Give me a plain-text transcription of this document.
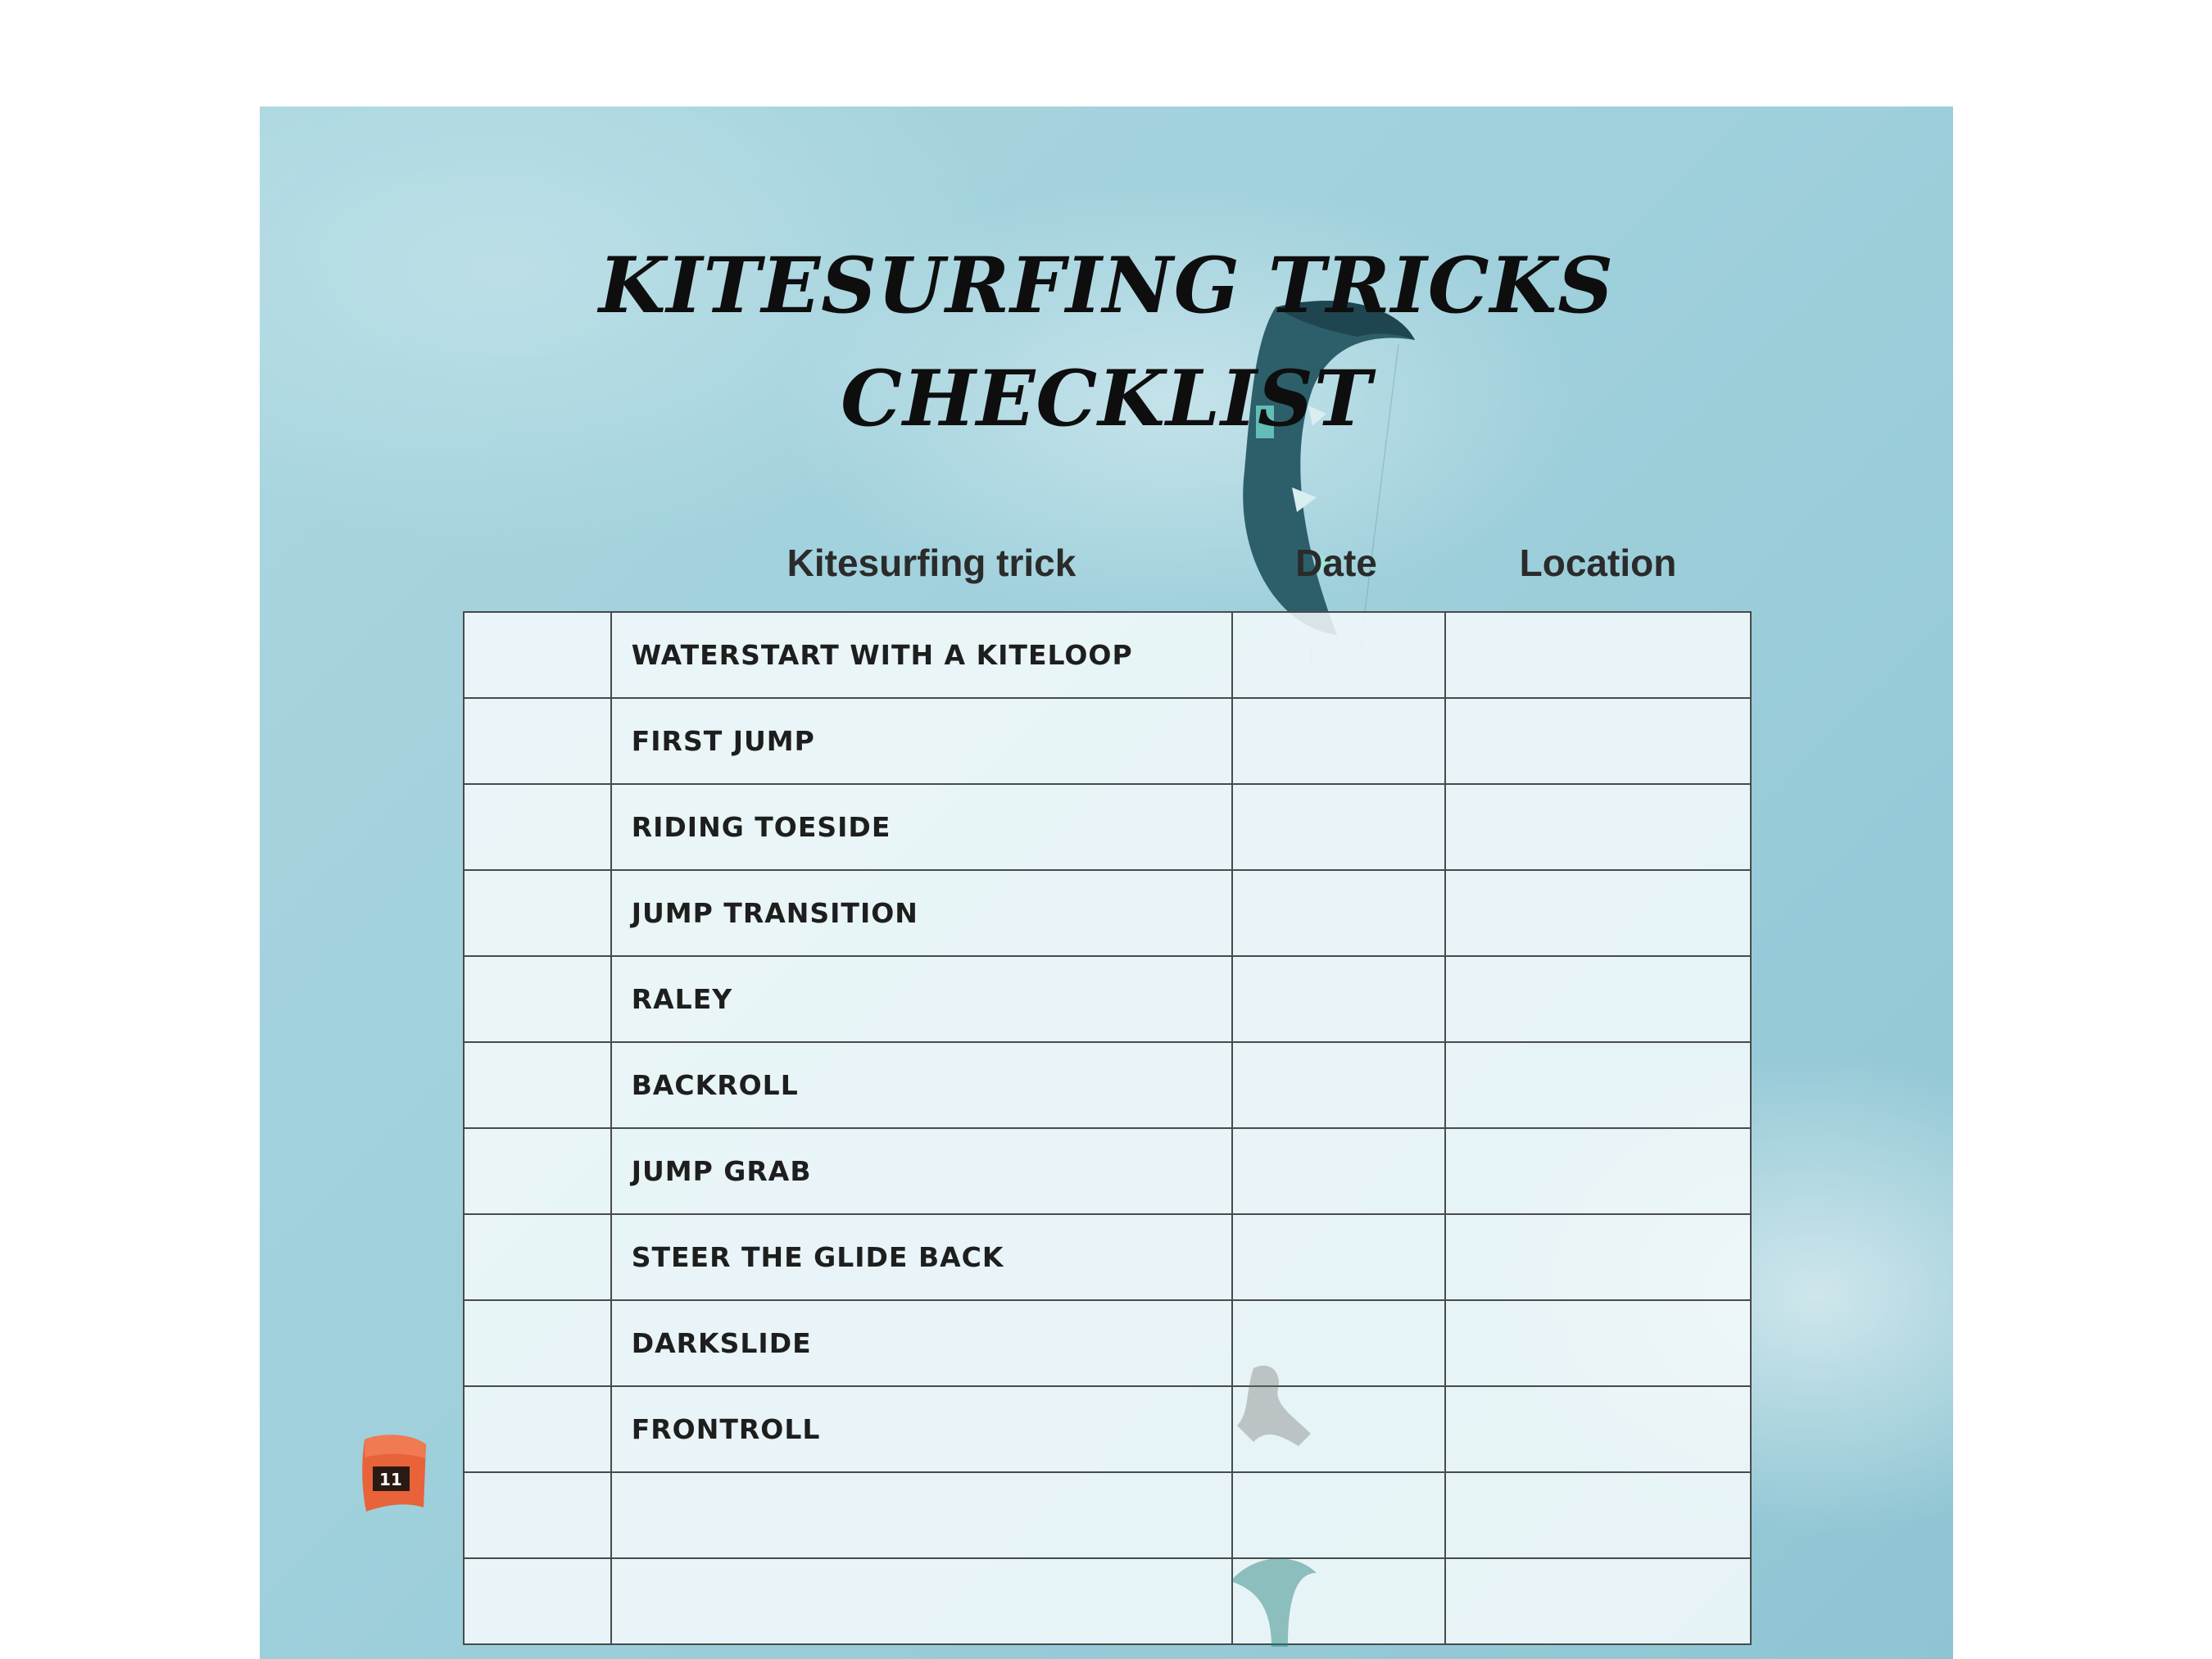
11
KITESURFING TRICKS
CHECKLIST
Kitesurfing trick	Date	Location

	WATERSTART WITH A KITELOOP		

	FIRST JUMP		

	RIDING TOESIDE		

	JUMP TRANSITION		

	RALEY		

	BACKROLL		

	JUMP GRAB		

	STEER THE GLIDE BACK		

	DARKSLIDE		

	FRONTROLL		
